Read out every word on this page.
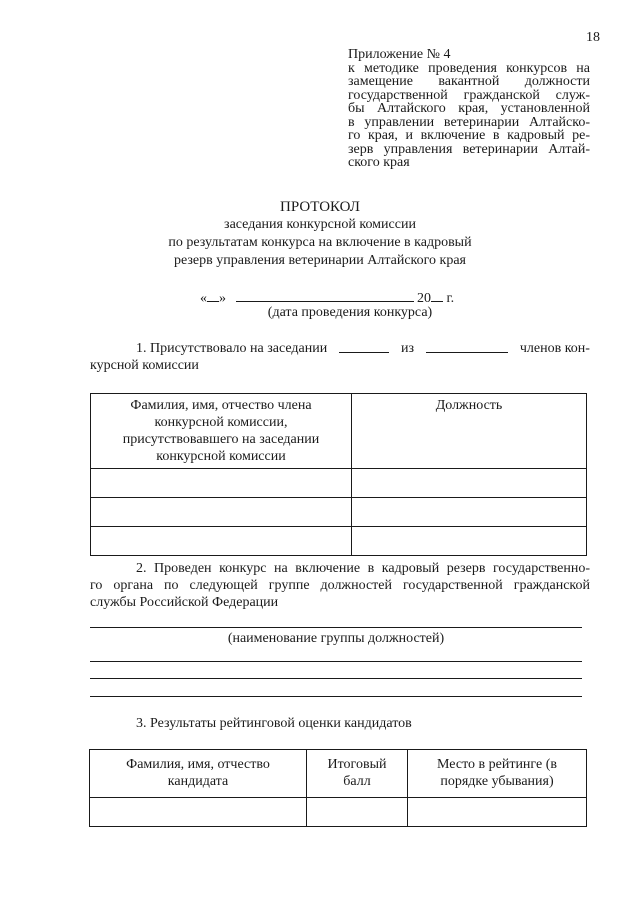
18
Приложение № 4
к методике проведения конкурсов на
замещение вакантной должности
государственной гражданской служ-
бы Алтайского края, установленной
в управлении ветеринарии Алтайско-
го края, и включение в кадровый ре-
зерв управления ветеринарии Алтай-
ского края
ПРОТОКОЛ
заседания конкурсной комиссии
по результатам конкурса на включение в кадровый
резерв управления ветеринарии Алтайского края
« »	20 г.
(дата проведения конкурса)
1. Присутствовало на заседании	из	членов кон-
курсной комиссии
Фамилия, имя, отчество члена конкурсной комиссии, присутствовавшего на заседании конкурсной комиссии	Должность

2. Проведен конкурс на включение в кадровый резерв государственно-
го органа по следующей группе должностей государственной гражданской
службы Российской Федерации
(наименование группы должностей)
3. Результаты рейтинговой оценки кандидатов
Фамилия, имя, отчество кандидата	Итоговый балл	Место в рейтинге (в порядке убывания)
